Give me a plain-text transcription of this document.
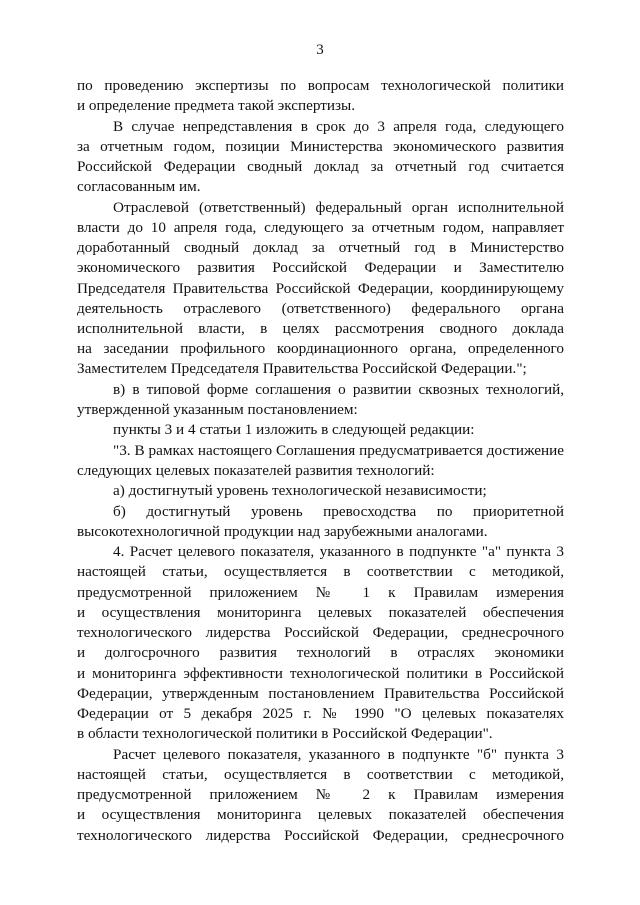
3
по проведению экспертизы по вопросам технологической политики
и определение предмета такой экспертизы.
В случае непредставления в срок до 3 апреля года, следующего
за отчетным годом, позиции Министерства экономического развития
Российской Федерации сводный доклад за отчетный год считается
согласованным им.
Отраслевой (ответственный) федеральный орган исполнительной
власти до 10 апреля года, следующего за отчетным годом, направляет
доработанный сводный доклад за отчетный год в Министерство
экономического развития Российской Федерации и Заместителю
Председателя Правительства Российской Федерации, координирующему
деятельность отраслевого (ответственного) федерального органа
исполнительной власти, в целях рассмотрения сводного доклада
на заседании профильного координационного органа, определенного
Заместителем Председателя Правительства Российской Федерации.";
в) в типовой форме соглашения о развитии сквозных технологий,
утвержденной указанным постановлением:
пункты 3 и 4 статьи 1 изложить в следующей редакции:
"3. В рамках настоящего Соглашения предусматривается достижение
следующих целевых показателей развития технологий:
а) достигнутый уровень технологической независимости;
б) достигнутый уровень превосходства по приоритетной
высокотехнологичной продукции над зарубежными аналогами.
4. Расчет целевого показателя, указанного в подпункте "а" пункта 3
настоящей статьи, осуществляется в соответствии с методикой,
предусмотренной приложением № 1 к Правилам измерения
и осуществления мониторинга целевых показателей обеспечения
технологического лидерства Российской Федерации, среднесрочного
и долгосрочного развития технологий в отраслях экономики
и мониторинга эффективности технологической политики в Российской
Федерации, утвержденным постановлением Правительства Российской
Федерации от 5 декабря 2025 г. № 1990 "О целевых показателях
в области технологической политики в Российской Федерации".
Расчет целевого показателя, указанного в подпункте "б" пункта 3
настоящей статьи, осуществляется в соответствии с методикой,
предусмотренной приложением № 2 к Правилам измерения
и осуществления мониторинга целевых показателей обеспечения
технологического лидерства Российской Федерации, среднесрочного
